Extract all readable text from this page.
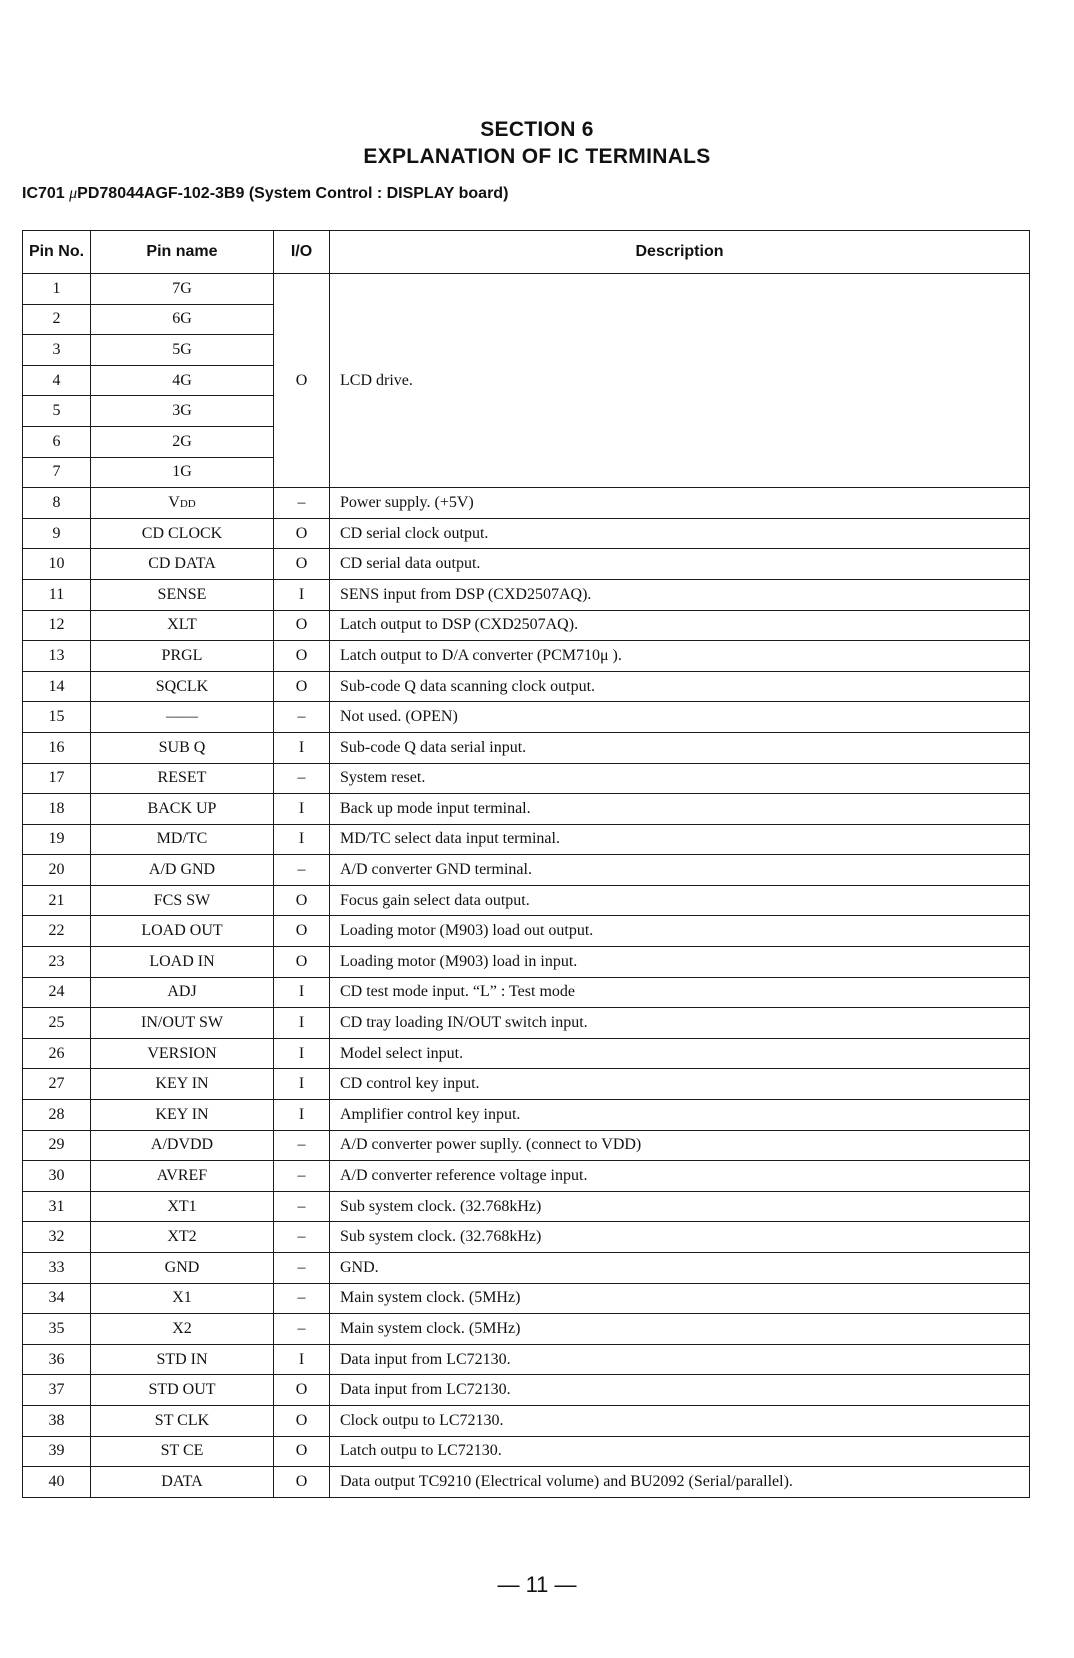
SECTION 6
EXPLANATION OF IC TERMINALS
IC701 μPD78044AGF-102-3B9 (System Control : DISPLAY board)
Pin No.	Pin name	I/O	Description
1	7G	O	LCD drive.
2	6G		
3	5G		
4	4G		
5	3G		
6	2G		
7	1G		
8	VDD	–	Power supply. (+5V)
9	CD CLOCK	O	CD serial clock output.
10	CD DATA	O	CD serial data output.
11	SENSE	I	SENS input from DSP (CXD2507AQ).
12	XLT	O	Latch output to DSP (CXD2507AQ).
13	PRGL	O	Latch output to D/A converter (PCM710μ ).
14	SQCLK	O	Sub-code Q data scanning clock output.
15	——	–	Not used. (OPEN)
16	SUB Q	I	Sub-code Q data serial input.
17	RESET	–	System reset.
18	BACK UP	I	Back up mode input terminal.
19	MD/TC	I	MD/TC select data input terminal.
20	A/D GND	–	A/D converter GND terminal.
21	FCS SW	O	Focus gain select data output.
22	LOAD OUT	O	Loading motor (M903) load out output.
23	LOAD IN	O	Loading motor (M903) load in input.
24	ADJ	I	CD test mode input. “L” : Test mode
25	IN/OUT SW	I	CD tray loading IN/OUT switch input.
26	VERSION	I	Model select input.
27	KEY IN	I	CD control key input.
28	KEY IN	I	Amplifier control key input.
29	A/DVDD	–	A/D converter power suplly. (connect to VDD)
30	AVREF	–	A/D converter reference voltage input.
31	XT1	–	Sub system clock. (32.768kHz)
32	XT2	–	Sub system clock. (32.768kHz)
33	GND	–	GND.
34	X1	–	Main system clock. (5MHz)
35	X2	–	Main system clock. (5MHz)
36	STD IN	I	Data input from LC72130.
37	STD OUT	O	Data input from LC72130.
38	ST CLK	O	Clock outpu to LC72130.
39	ST CE	O	Latch outpu to LC72130.
40	DATA	O	Data output TC9210 (Electrical volume) and BU2092 (Serial/parallel).
— 11 —
